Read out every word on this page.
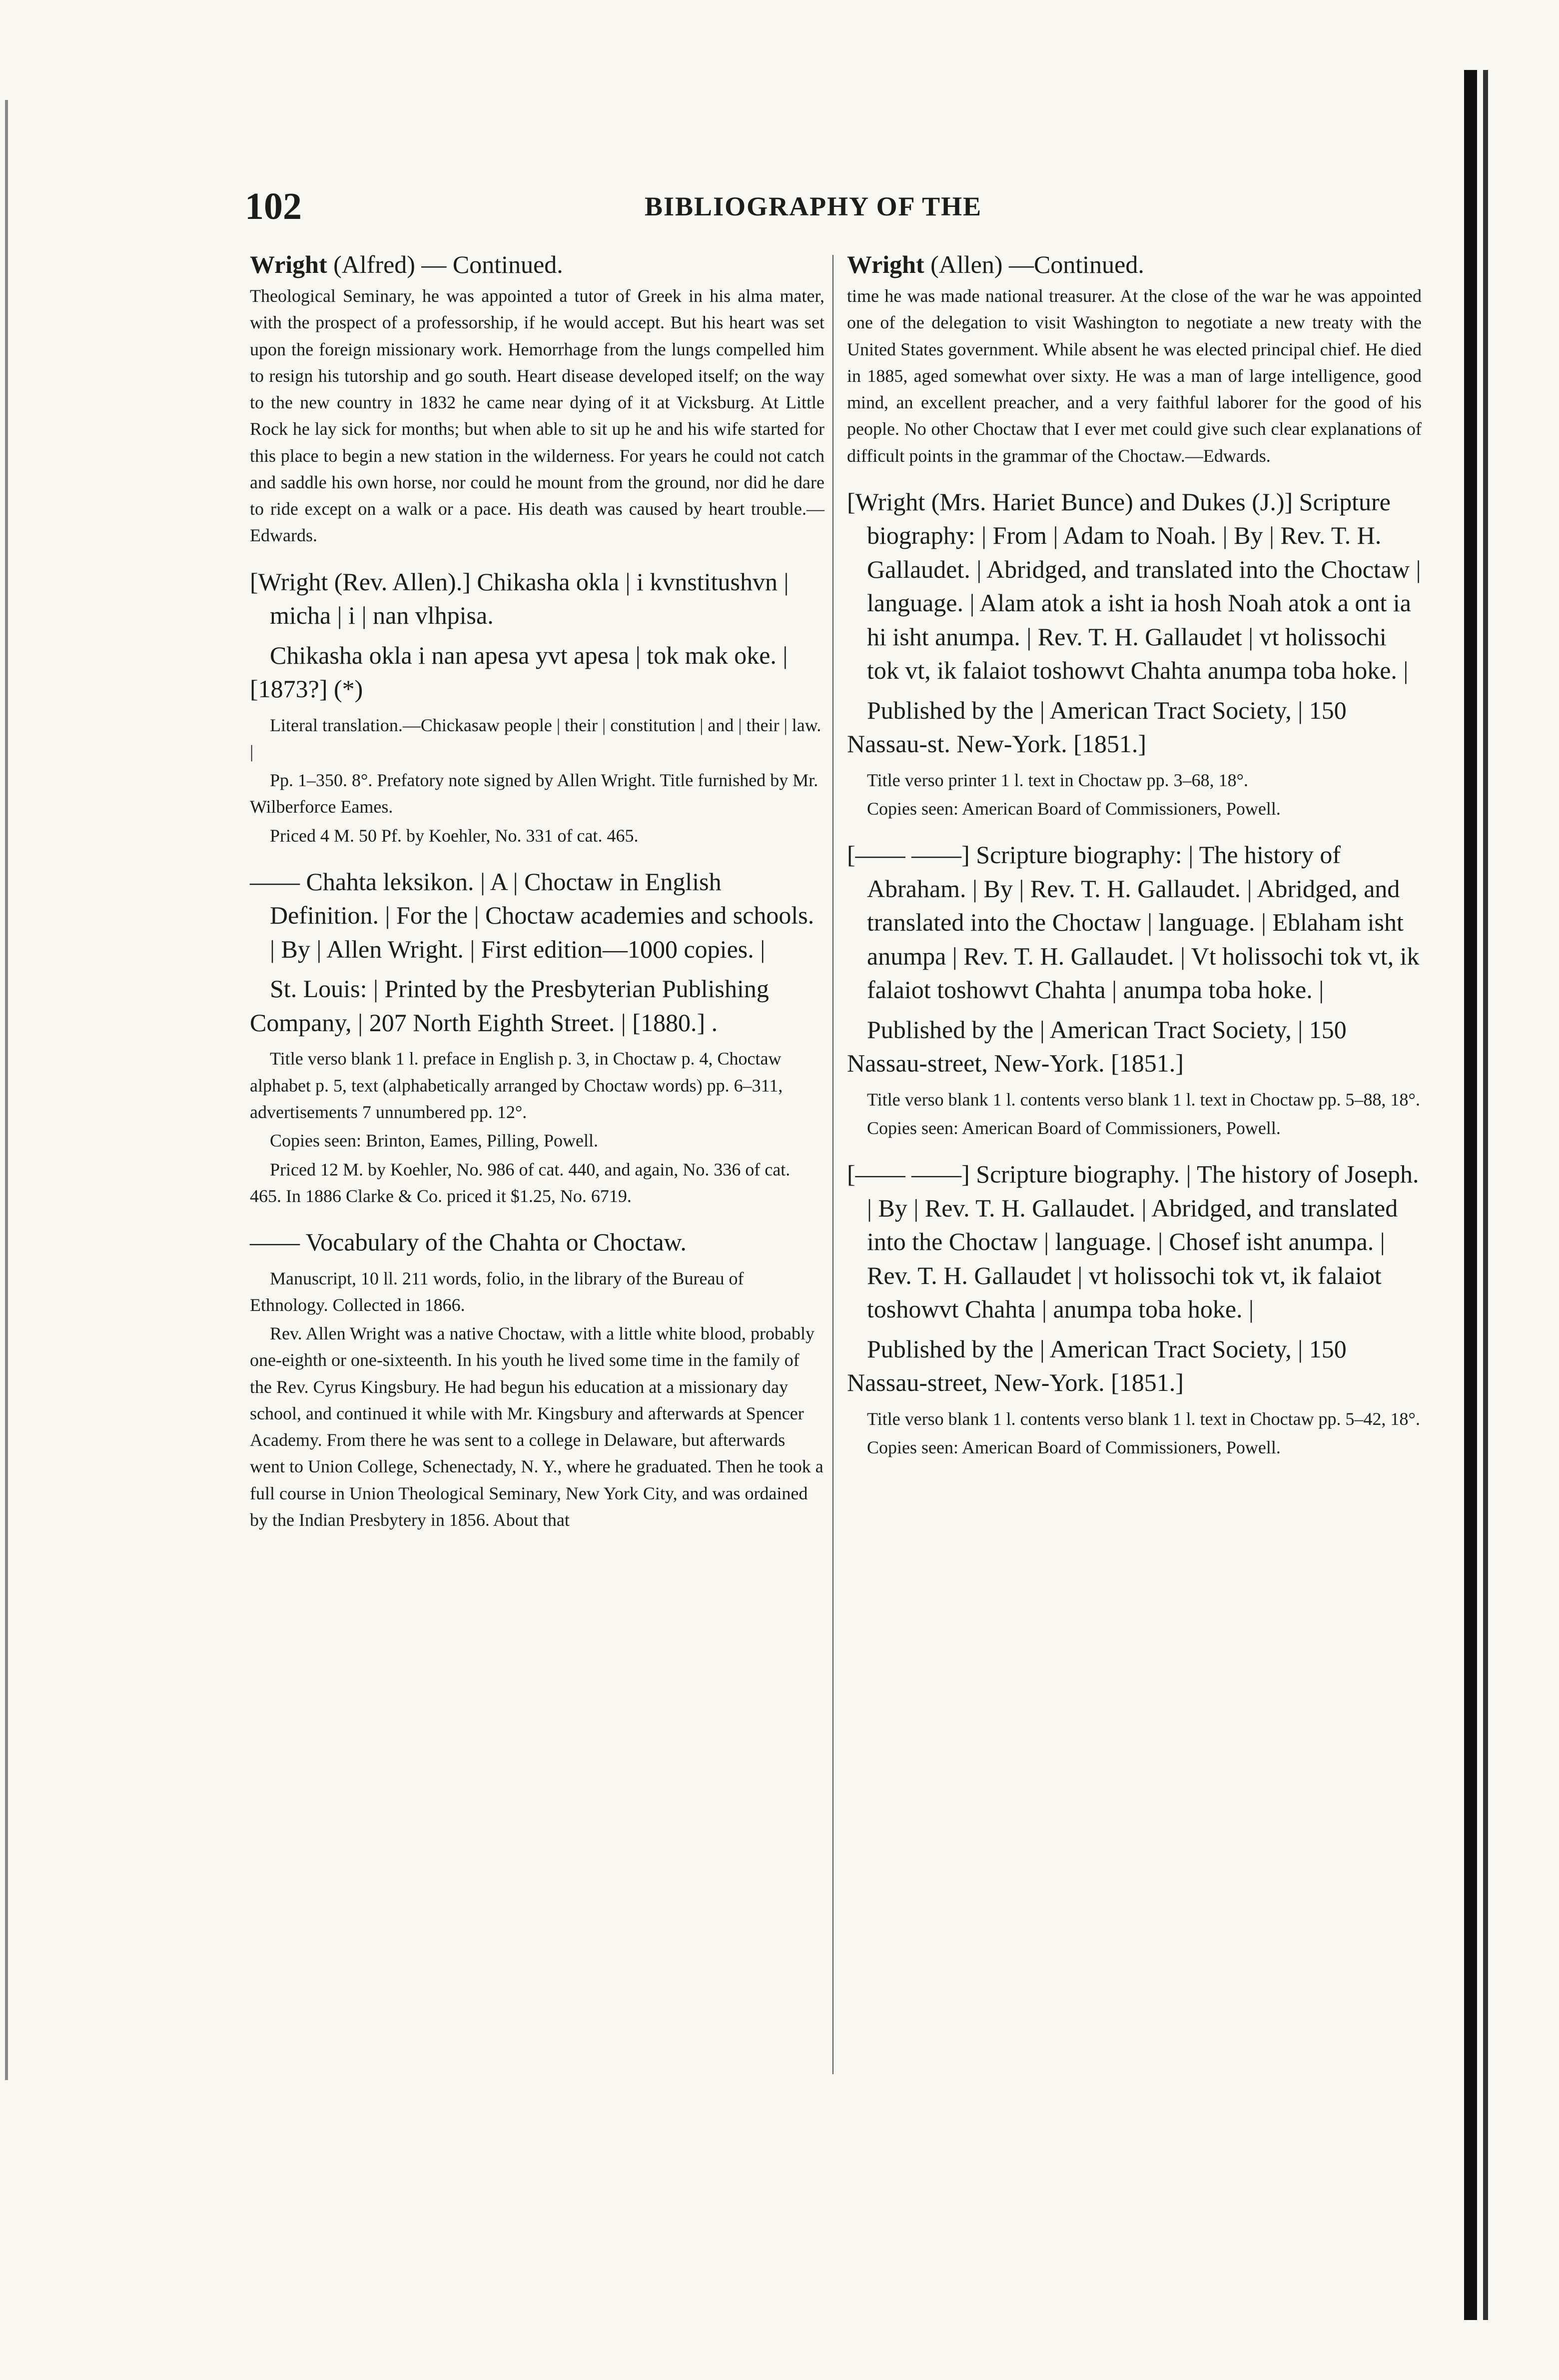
102	BIBLIOGRAPHY OF THE

Wright (Alfred) — Continued.

Theological Seminary, he was appointed a tutor of Greek in his alma mater, with the prospect of a professorship, if he would accept. But his heart was set upon the foreign missionary work. Hemorrhage from the lungs compelled him to resign his tutorship and go south. Heart disease developed itself; on the way to the new country in 1832 he came near dying of it at Vicksburg. At Little Rock he lay sick for months; but when able to sit up he and his wife started for this place to begin a new station in the wilderness. For years he could not catch and saddle his own horse, nor could he mount from the ground, nor did he dare to ride except on a walk or a pace. His death was caused by heart trouble.—Edwards.

[Wright (Rev. Allen).] Chikasha okla | i kvnstitushvn | micha | i | nan vlhpisa.

Chikasha okla i nan apesa yvt apesa | tok mak oke. | [1873?] (*)

Literal translation.—Chickasaw people | their | constitution | and | their | law. |

Pp. 1–350. 8°. Prefatory note signed by Allen Wright. Title furnished by Mr. Wilberforce Eames.

Priced 4 M. 50 Pf. by Koehler, No. 331 of cat. 465.

—— Chahta leksikon. | A | Choctaw in English Definition. | For the | Choctaw academies and schools. | By | Allen Wright. | First edition—1000 copies. |

St. Louis: | Printed by the Presbyterian Publishing Company, | 207 North Eighth Street. | [1880.] .

Title verso blank 1 l. preface in English p. 3, in Choctaw p. 4, Choctaw alphabet p. 5, text (alphabetically arranged by Choctaw words) pp. 6–311, advertisements 7 unnumbered pp. 12°.

Copies seen: Brinton, Eames, Pilling, Powell.

Priced 12 M. by Koehler, No. 986 of cat. 440, and again, No. 336 of cat. 465. In 1886 Clarke & Co. priced it $1.25, No. 6719.

—— Vocabulary of the Chahta or Choctaw.

Manuscript, 10 ll. 211 words, folio, in the library of the Bureau of Ethnology. Collected in 1866.

Rev. Allen Wright was a native Choctaw, with a little white blood, probably one-eighth or one-sixteenth. In his youth he lived some time in the family of the Rev. Cyrus Kingsbury. He had begun his education at a missionary day school, and continued it while with Mr. Kingsbury and afterwards at Spencer Academy. From there he was sent to a college in Delaware, but afterwards went to Union College, Schenectady, N. Y., where he graduated. Then he took a full course in Union Theological Seminary, New York City, and was ordained by the Indian Presbytery in 1856. About that

Wright (Allen) —Continued.

time he was made national treasurer. At the close of the war he was appointed one of the delegation to visit Washington to negotiate a new treaty with the United States government. While absent he was elected principal chief. He died in 1885, aged somewhat over sixty. He was a man of large intelligence, good mind, an excellent preacher, and a very faithful laborer for the good of his people. No other Choctaw that I ever met could give such clear explanations of difficult points in the grammar of the Choctaw.—Edwards.

[Wright (Mrs. Hariet Bunce) and Dukes (J.)] Scripture biography: | From | Adam to Noah. | By | Rev. T. H. Gallaudet. | Abridged, and translated into the Choctaw | language. | Alam atok a isht ia hosh Noah atok a ont ia hi isht anumpa. | Rev. T. H. Gallaudet | vt holissochi tok vt, ik falaiot toshowvt Chahta anumpa toba hoke. |

Published by the | American Tract Society, | 150 Nassau-st. New-York. [1851.]

Title verso printer 1 l. text in Choctaw pp. 3–68, 18°.

Copies seen: American Board of Commissioners, Powell.

[—— ——] Scripture biography: | The history of Abraham. | By | Rev. T. H. Gallaudet. | Abridged, and translated into the Choctaw | language. | Eblaham isht anumpa | Rev. T. H. Gallaudet. | Vt holissochi tok vt, ik falaiot toshowvt Chahta | anumpa toba hoke. |

Published by the | American Tract Society, | 150 Nassau-street, New-York. [1851.]

Title verso blank 1 l. contents verso blank 1 l. text in Choctaw pp. 5–88, 18°.

Copies seen: American Board of Commissioners, Powell.

[—— ——] Scripture biography. | The history of Joseph. | By | Rev. T. H. Gallaudet. | Abridged, and translated into the Choctaw | language. | Chosef isht anumpa. | Rev. T. H. Gallaudet | vt holissochi tok vt, ik falaiot toshowvt Chahta | anumpa toba hoke. |

Published by the | American Tract Society, | 150 Nassau-street, New-York. [1851.]

Title verso blank 1 l. contents verso blank 1 l. text in Choctaw pp. 5–42, 18°.

Copies seen: American Board of Commissioners, Powell.
